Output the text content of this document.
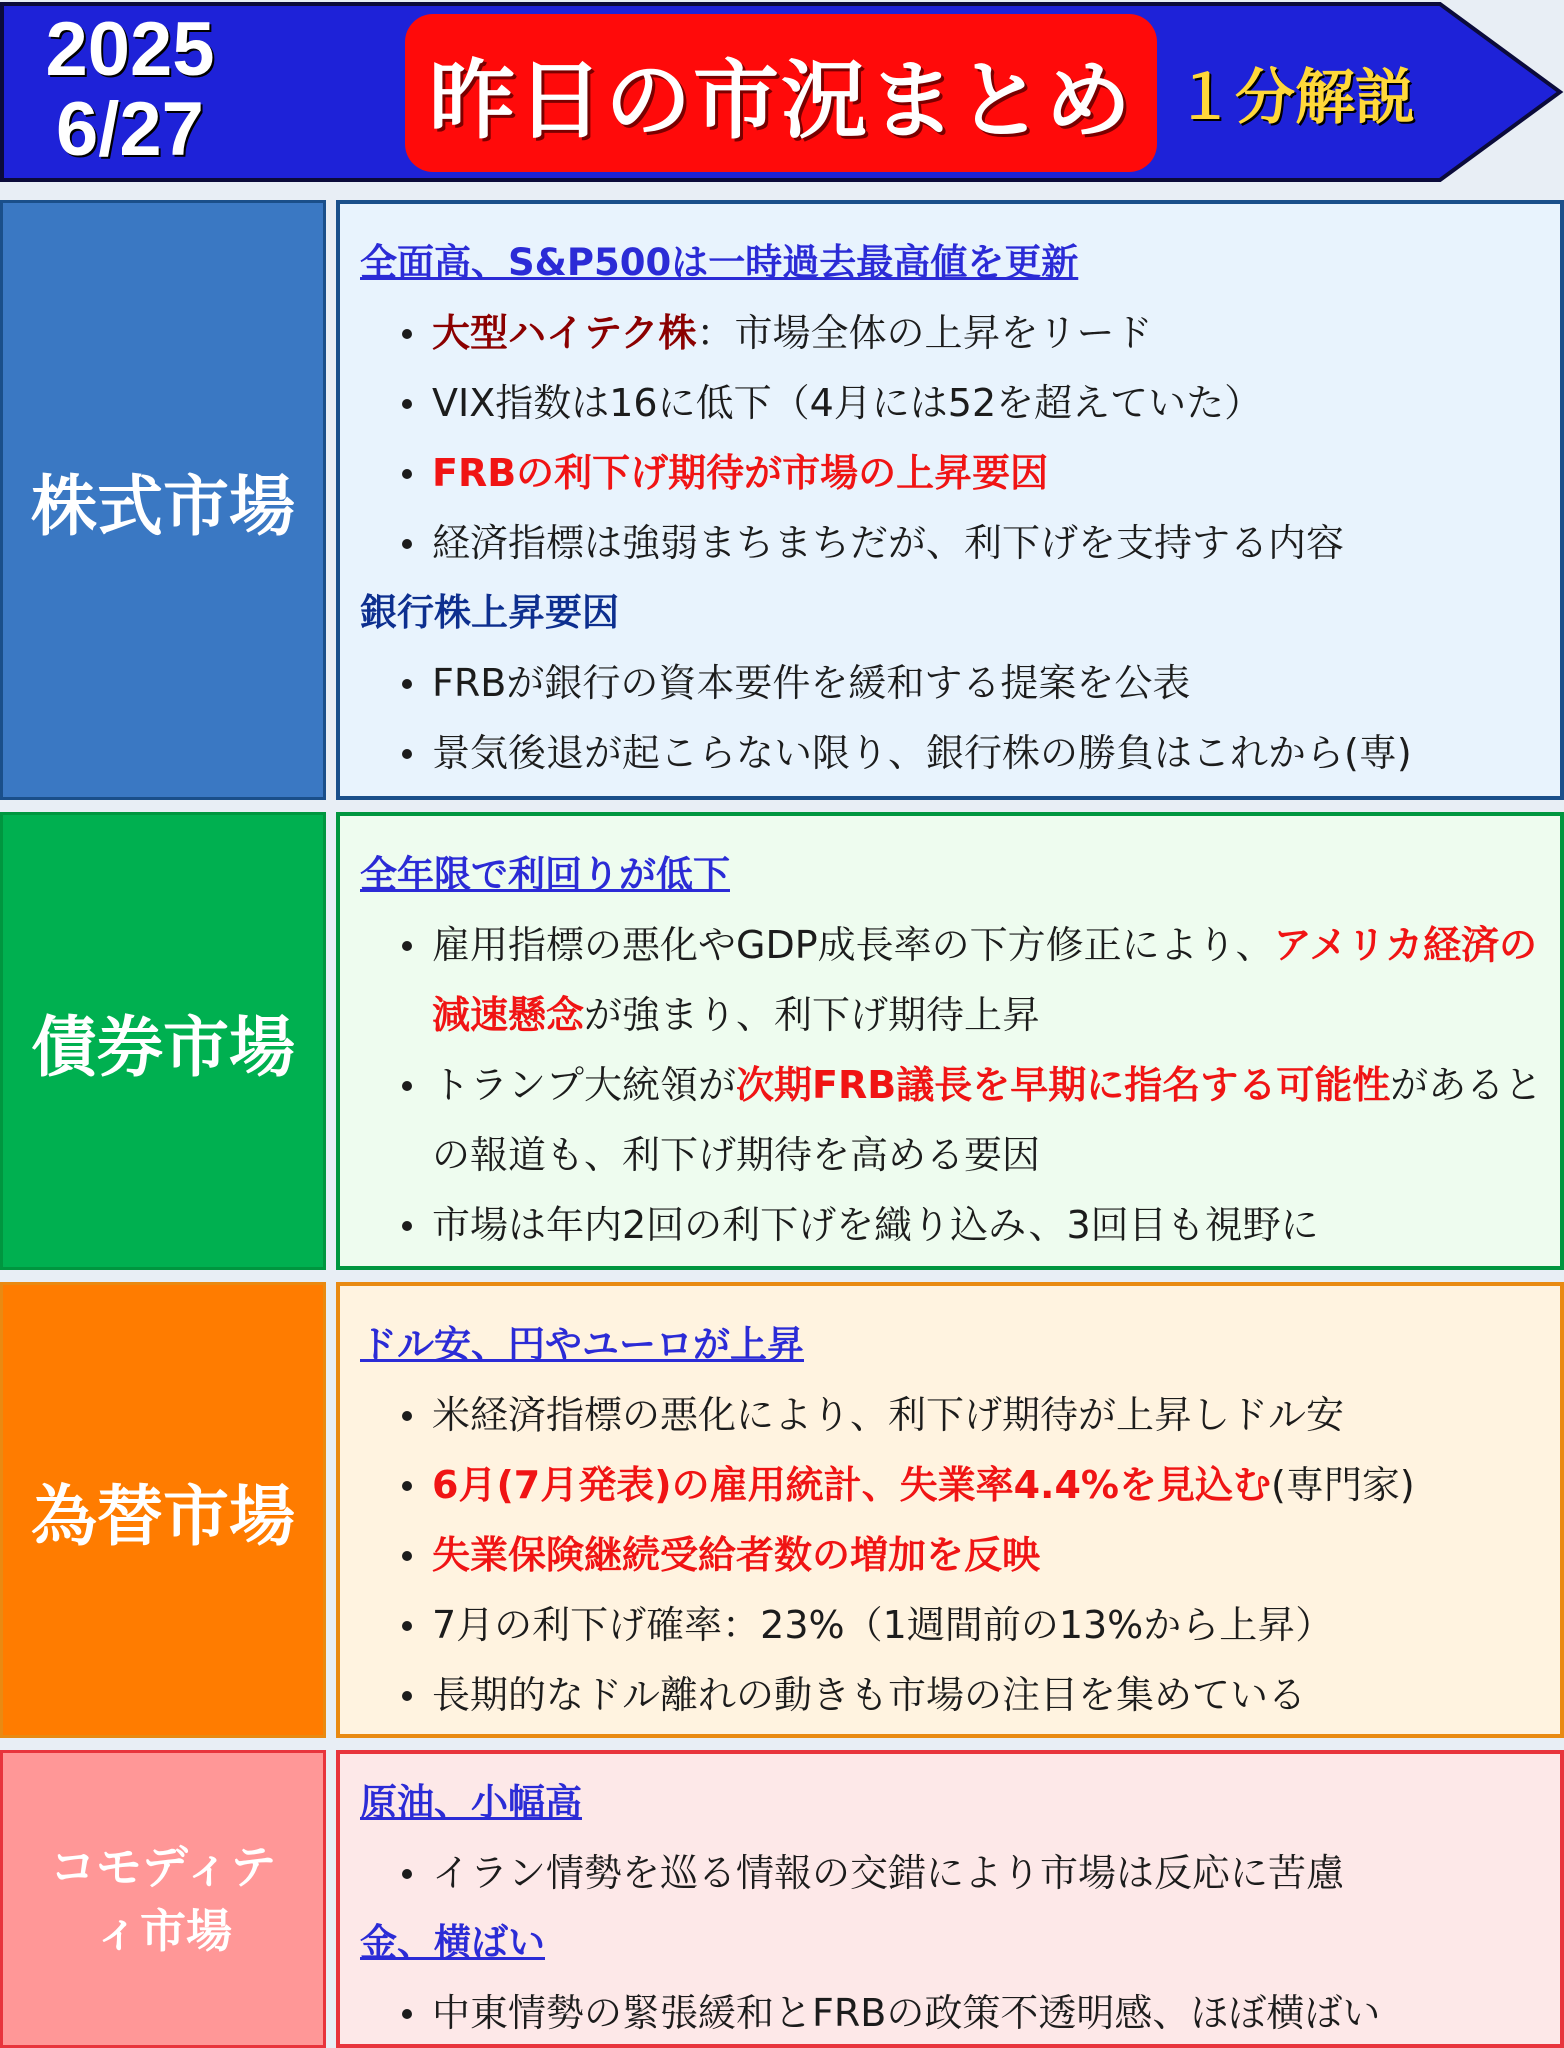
2025
6/27	昨日の市況まとめ １分解説
株式市場
全面高、S&P500は一時過去最高値を更新
大型ハイテク株：市場全体の上昇をリード
VIX指数は16に低下（4月には52を超えていた）
FRBの利下げ期待が市場の上昇要因
経済指標は強弱まちまちだが、利下げを支持する内容
銀行株上昇要因
FRBが銀行の資本要件を緩和する提案を公表
景気後退が起こらない限り、銀行株の勝負はこれから(専)
債券市場
全年限で利回りが低下
雇用指標の悪化やGDP成長率の下方修正により、アメリカ経済の減速懸念が強まり、利下げ期待上昇
トランプ大統領が次期FRB議長を早期に指名する可能性があるとの報道も、利下げ期待を高める要因
市場は年内2回の利下げを織り込み、3回目も視野に
為替市場
ドル安、円やユーロが上昇
米経済指標の悪化により、利下げ期待が上昇しドル安
6月(7月発表)の雇用統計、失業率4.4%を見込む(専門家)
失業保険継続受給者数の増加を反映
7月の利下げ確率：23%（1週間前の13%から上昇）
長期的なドル離れの動きも市場の注目を集めている
コモディティ市場
原油、小幅高
イラン情勢を巡る情報の交錯により市場は反応に苦慮
金、横ばい
中東情勢の緊張緩和とFRBの政策不透明感、ほぼ横ばい
